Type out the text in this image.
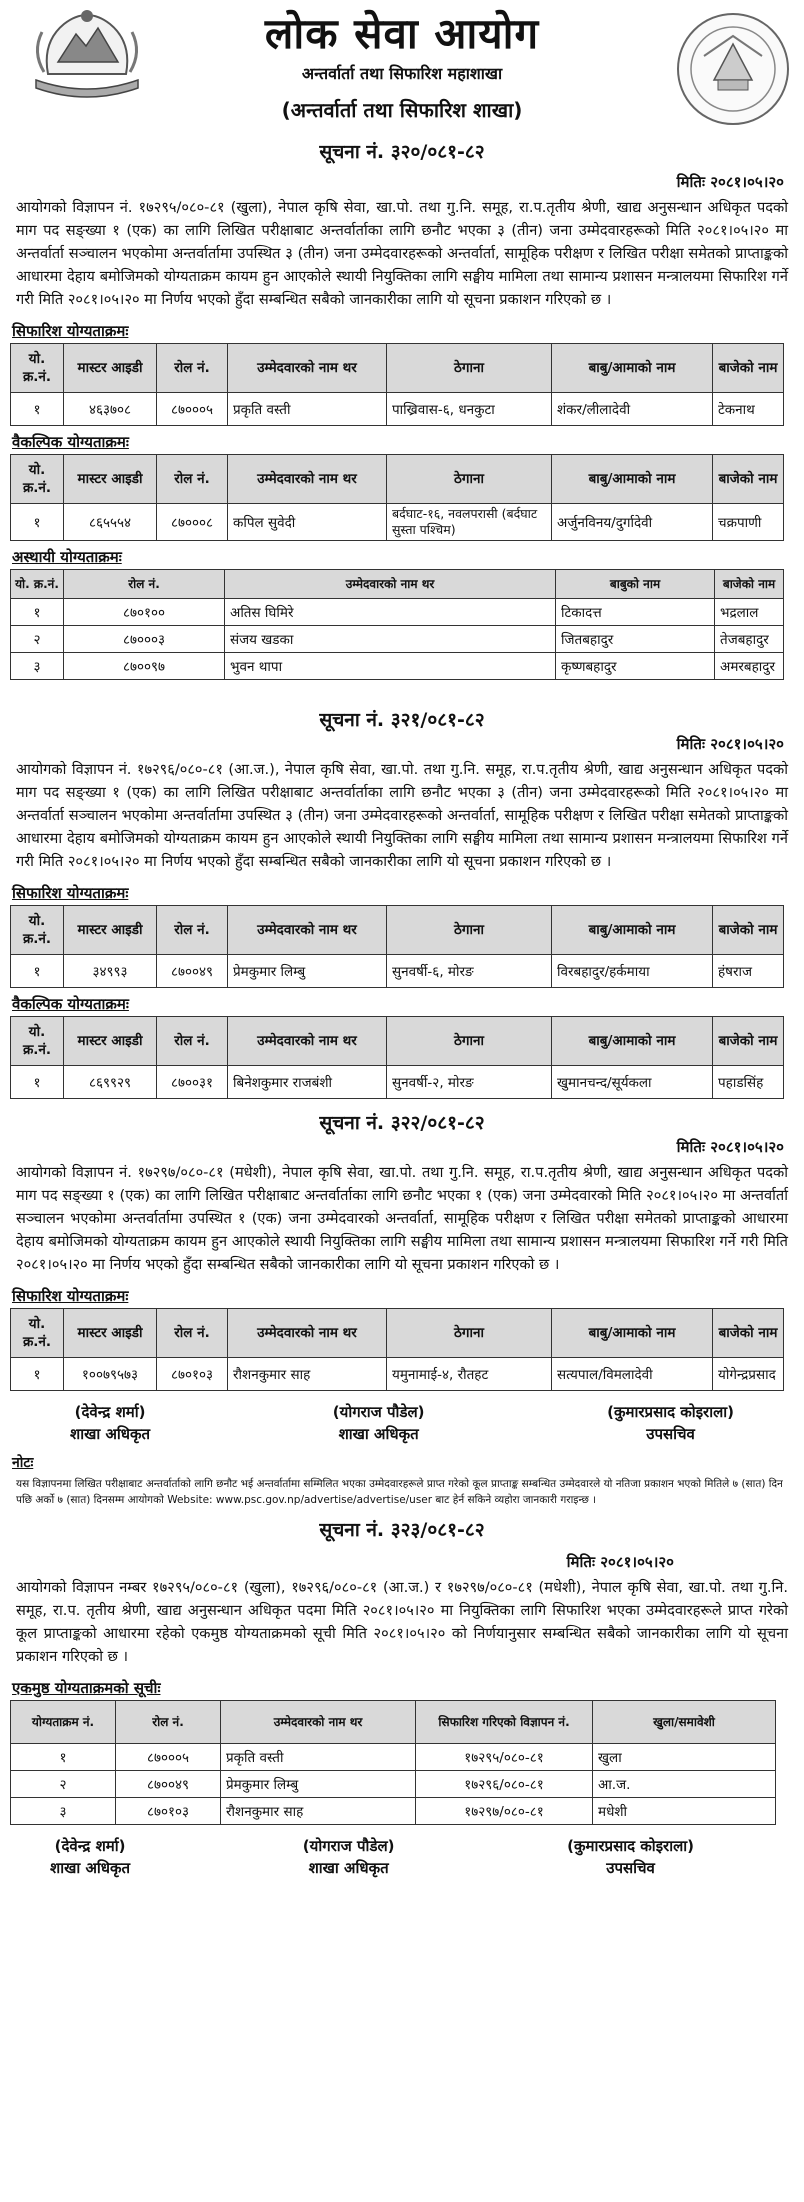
लोक सेवा आयोग
अन्तर्वार्ता तथा सिफारिश महाशाखा
(अन्तर्वार्ता तथा सिफारिश शाखा)
सूचना नं. ३२०/०८१-८२
मितिः २०८१।०५।२०

आयोगको विज्ञापन नं. १७२९५/०८०-८१ (खुला), नेपाल कृषि सेवा, खा.पो. तथा गु.नि. समूह, रा.प.तृतीय श्रेणी, खाद्य अनुसन्धान अधिकृत पदको माग पद सङ्ख्या १ (एक) का लागि लिखित परीक्षाबाट अन्तर्वार्ताका लागि छनौट भएका ३ (तीन) जना उम्मेदवारहरूको मिति २०८१।०५।२० मा अन्तर्वार्ता सञ्चालन भएकोमा अन्तर्वार्तामा उपस्थित ३ (तीन) जना उम्मेदवारहरूको अन्तर्वार्ता, सामूहिक परीक्षण र लिखित परीक्षा समेतको प्राप्ताङ्कको आधारमा देहाय बमोजिमको योग्यताक्रम कायम हुन आएकोले स्थायी नियुक्तिका लागि सङ्घीय मामिला तथा सामान्य प्रशासन मन्त्रालयमा सिफारिश गर्ने गरी मिति २०८१।०५।२० मा निर्णय भएको हुँदा सम्बन्धित सबैको जानकारीका लागि यो सूचना प्रकाशन गरिएको छ ।

सिफारिश योग्यताक्रमः
यो. क्र.नं.	मास्टर आइडी	रोल नं.	उम्मेदवारको नाम थर	ठेगाना	बाबु/आमाको नाम	बाजेको नाम
१	४६३७०८	८७०००५	प्रकृति वस्ती	पाख्रिवास-६, धनकुटा	शंकर/लीलादेवी	टेकनाथ
वैकल्पिक योग्यताक्रमः
यो. क्र.नं.	मास्टर आइडी	रोल नं.	उम्मेदवारको नाम थर	ठेगाना	बाबु/आमाको नाम	बाजेको नाम
१	८६५५५४	८७०००८	कपिल सुवेदी	बर्दघाट-१६, नवलपरासी (बर्दघाट सुस्ता पश्चिम)	अर्जुनविनय/दुर्गादेवी	चक्रपाणी
अस्थायी योग्यताक्रमः
यो. क्र.नं.	रोल नं.	उम्मेदवारको नाम थर	बाबुको नाम	बाजेको नाम
१	८७०१००	अतिस घिमिरे	टिकादत्त	भद्रलाल
२	८७०००३	संजय खडका	जितबहादुर	तेजबहादुर
३	८७००९७	भुवन थापा	कृष्णबहादुर	अमरबहादुर
सूचना नं. ३२१/०८१-८२
मितिः २०८१।०५।२०

आयोगको विज्ञापन नं. १७२९६/०८०-८१ (आ.ज.), नेपाल कृषि सेवा, खा.पो. तथा गु.नि. समूह, रा.प.तृतीय श्रेणी, खाद्य अनुसन्धान अधिकृत पदको माग पद सङ्ख्या १ (एक) का लागि लिखित परीक्षाबाट अन्तर्वार्ताका लागि छनौट भएका ३ (तीन) जना उम्मेदवारहरूको मिति २०८१।०५।२० मा अन्तर्वार्ता सञ्चालन भएकोमा अन्तर्वार्तामा उपस्थित ३ (तीन) जना उम्मेदवारहरूको अन्तर्वार्ता, सामूहिक परीक्षण र लिखित परीक्षा समेतको प्राप्ताङ्कको आधारमा देहाय बमोजिमको योग्यताक्रम कायम हुन आएकोले स्थायी नियुक्तिका लागि सङ्घीय मामिला तथा सामान्य प्रशासन मन्त्रालयमा सिफारिश गर्ने गरी मिति २०८१।०५।२० मा निर्णय भएको हुँदा सम्बन्धित सबैको जानकारीका लागि यो सूचना प्रकाशन गरिएको छ ।

सिफारिश योग्यताक्रमः
यो. क्र.नं.	मास्टर आइडी	रोल नं.	उम्मेदवारको नाम थर	ठेगाना	बाबु/आमाको नाम	बाजेको नाम
१	३४९९३	८७००४९	प्रेमकुमार लिम्बु	सुनवर्षी-६, मोरङ	विरबहादुर/हर्कमाया	हंषराज
वैकल्पिक योग्यताक्रमः
यो. क्र.नं.	मास्टर आइडी	रोल नं.	उम्मेदवारको नाम थर	ठेगाना	बाबु/आमाको नाम	बाजेको नाम
१	८६९९२९	८७००३१	बिनेशकुमार राजबंशी	सुनवर्षी-२, मोरङ	खुमानचन्द/सूर्यकला	पहाडसिंह
सूचना नं. ३२२/०८१-८२
मितिः २०८१।०५।२०

आयोगको विज्ञापन नं. १७२९७/०८०-८१ (मधेशी), नेपाल कृषि सेवा, खा.पो. तथा गु.नि. समूह, रा.प.तृतीय श्रेणी, खाद्य अनुसन्धान अधिकृत पदको माग पद सङ्ख्या १ (एक) का लागि लिखित परीक्षाबाट अन्तर्वार्ताका लागि छनौट भएका १ (एक) जना उम्मेदवारको मिति २०८१।०५।२० मा अन्तर्वार्ता सञ्चालन भएकोमा अन्तर्वार्तामा उपस्थित १ (एक) जना उम्मेदवारको अन्तर्वार्ता, सामूहिक परीक्षण र लिखित परीक्षा समेतको प्राप्ताङ्कको आधारमा देहाय बमोजिमको योग्यताक्रम कायम हुन आएकोले स्थायी नियुक्तिका लागि सङ्घीय मामिला तथा सामान्य प्रशासन मन्त्रालयमा सिफारिश गर्ने गरी मिति २०८१।०५।२० मा निर्णय भएको हुँदा सम्बन्धित सबैको जानकारीका लागि यो सूचना प्रकाशन गरिएको छ ।

सिफारिश योग्यताक्रमः
यो. क्र.नं.	मास्टर आइडी	रोल नं.	उम्मेदवारको नाम थर	ठेगाना	बाबु/आमाको नाम	बाजेको नाम
१	१००७९५७३	८७०१०३	रौशनकुमार साह	यमुनामाई-४, रौतहट	सत्यपाल/विमलादेवी	योगेन्द्रप्रसाद
(देवेन्द्र शर्मा)
शाखा अधिकृत
(योगराज पौडेल)
शाखा अधिकृत
(कुमारप्रसाद कोइराला)
उपसचिव
नोटः

यस विज्ञापनमा लिखित परीक्षाबाट अन्तर्वार्ताको लागि छनौट भई अन्तर्वार्तामा सम्मिलित भएका उम्मेदवारहरूले प्राप्त गरेको कूल प्राप्ताङ्क सम्बन्धित उम्मेदवारले यो नतिजा प्रकाशन भएको मितिले ७ (सात) दिन पछि अर्को ७ (सात) दिनसम्म आयोगको Website: www.psc.gov.np/advertise/advertise/user बाट हेर्न सकिने व्यहोरा जानकारी गराइन्छ ।

सूचना नं. ३२३/०८१-८२
मितिः २०८१।०५।२०

आयोगको विज्ञापन नम्बर १७२९५/०८०-८१ (खुला), १७२९६/०८०-८१ (आ.ज.) र १७२९७/०८०-८१ (मधेशी), नेपाल कृषि सेवा, खा.पो. तथा गु.नि. समूह, रा.प. तृतीय श्रेणी, खाद्य अनुसन्धान अधिकृत पदमा मिति २०८१।०५।२० मा नियुक्तिका लागि सिफारिश भएका उम्मेदवारहरूले प्राप्त गरेको कूल प्राप्ताङ्कको आधारमा रहेको एकमुष्ठ योग्यताक्रमको सूची मिति २०८१।०५।२० को निर्णयानुसार सम्बन्धित सबैको जानकारीका लागि यो सूचना प्रकाशन गरिएको छ ।

एकमुष्ठ योग्यताक्रमको सूचीः
योग्यताक्रम नं.	रोल नं.	उम्मेदवारको नाम थर	सिफारिश गरिएको विज्ञापन नं.	खुला/समावेशी
१	८७०००५	प्रकृति वस्ती	१७२९५/०८०-८१	खुला
२	८७००४९	प्रेमकुमार लिम्बु	१७२९६/०८०-८१	आ.ज.
३	८७०१०३	रौशनकुमार साह	१७२९७/०८०-८१	मधेशी
(देवेन्द्र शर्मा)
शाखा अधिकृत
(योगराज पौडेल)
शाखा अधिकृत
(कुमारप्रसाद कोइराला)
उपसचिव
